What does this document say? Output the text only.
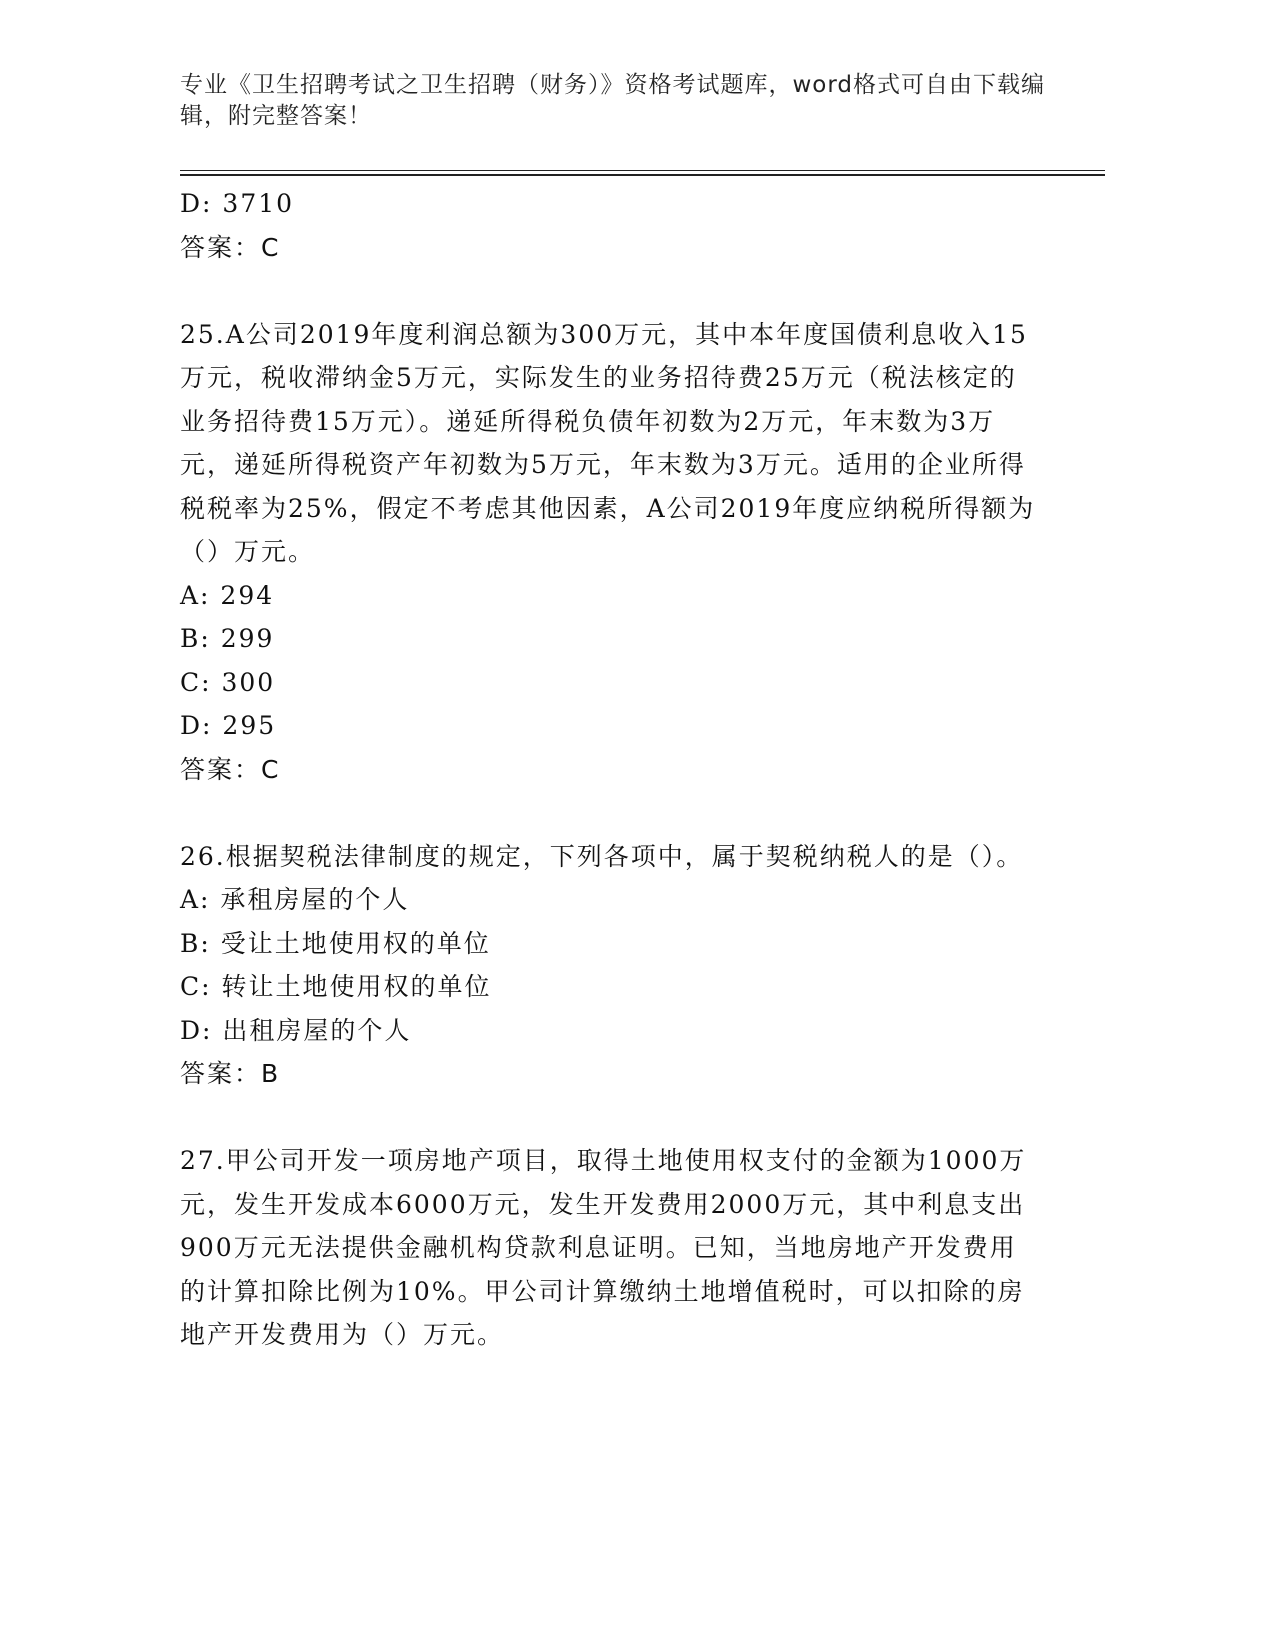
专业《卫生招聘考试之卫生招聘（财务）》资格考试题库，word格式可自由下载编辑，附完整答案！
D: 3710
答案：C
25.A公司2019年度利润总额为300万元，其中本年度国债利息收入15万元，税收滞纳金5万元，实际发生的业务招待费25万元（税法核定的业务招待费15万元）。递延所得税负债年初数为2万元，年末数为3万元，递延所得税资产年初数为5万元，年末数为3万元。适用的企业所得税税率为25%，假定不考虑其他因素，A公司2019年度应纳税所得额为（）万元。
A: 294
B: 299
C: 300
D: 295
答案：C
26.根据契税法律制度的规定，下列各项中，属于契税纳税人的是（）。
A: 承租房屋的个人
B: 受让土地使用权的单位
C: 转让土地使用权的单位
D: 出租房屋的个人
答案：B
27.甲公司开发一项房地产项目，取得土地使用权支付的金额为1000万元，发生开发成本6000万元，发生开发费用2000万元，其中利息支出900万元无法提供金融机构贷款利息证明。已知，当地房地产开发费用的计算扣除比例为10%。甲公司计算缴纳土地增值税时，可以扣除的房地产开发费用为（）万元。
